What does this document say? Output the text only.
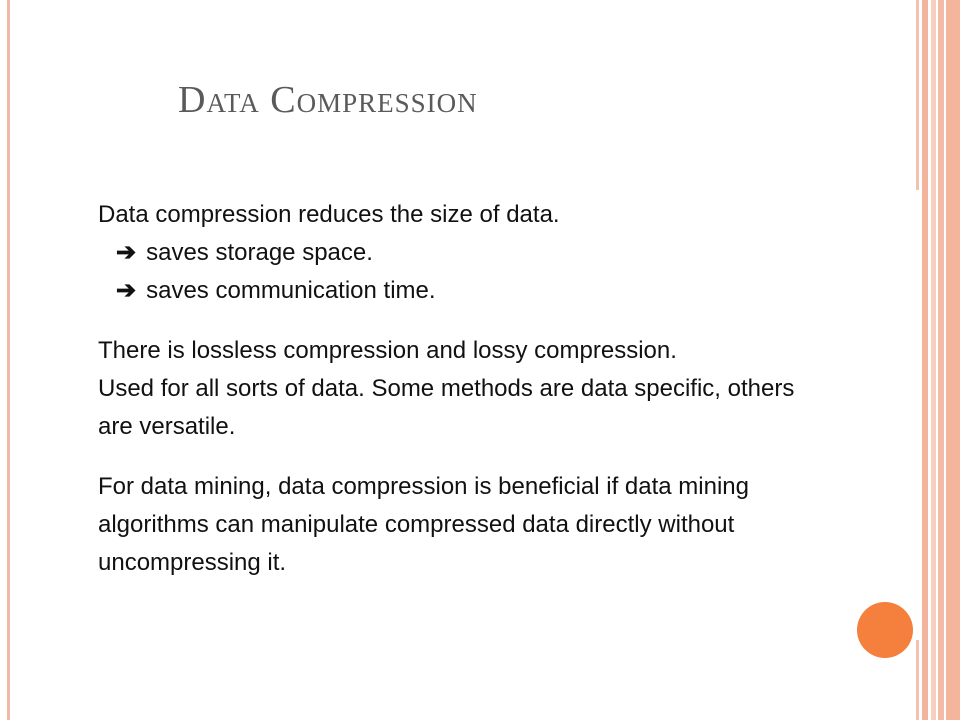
Data Compression
Data compression reduces the size of data.
➔ saves storage space.
➔ saves communication time.
There is lossless compression and lossy compression.
Used for all sorts of data. Some methods are data specific, others
are versatile.
For data mining, data compression is beneficial if data mining
algorithms can manipulate compressed data directly without
uncompressing it.
